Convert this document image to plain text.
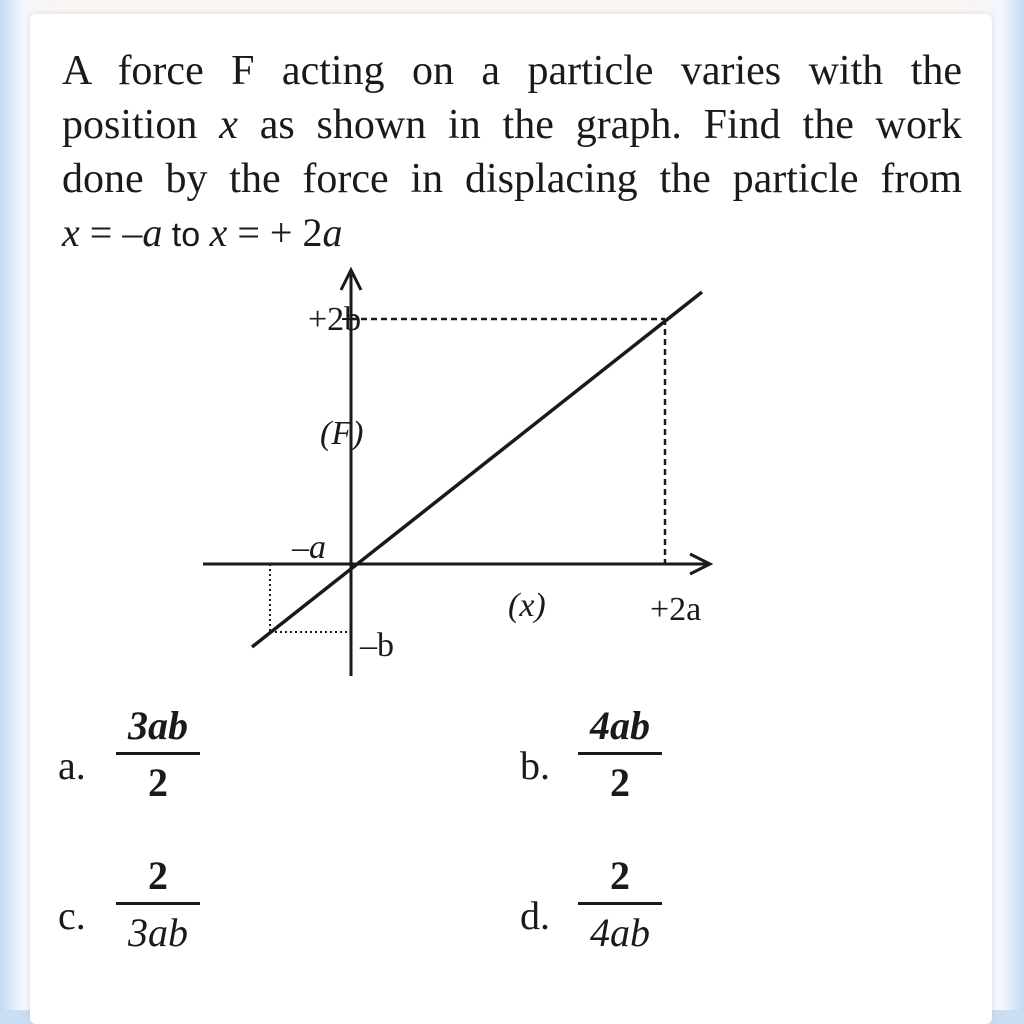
A force F acting on a particle varies with the
position x as shown in the graph. Find the work
done by the force in displacing the particle from
x = –a to x = + 2a
+2b
(F)
–a
(x)	+2a
–b
a.
3ab
2	b.
4ab
2
c.
2
3ab	d.
2
4ab
